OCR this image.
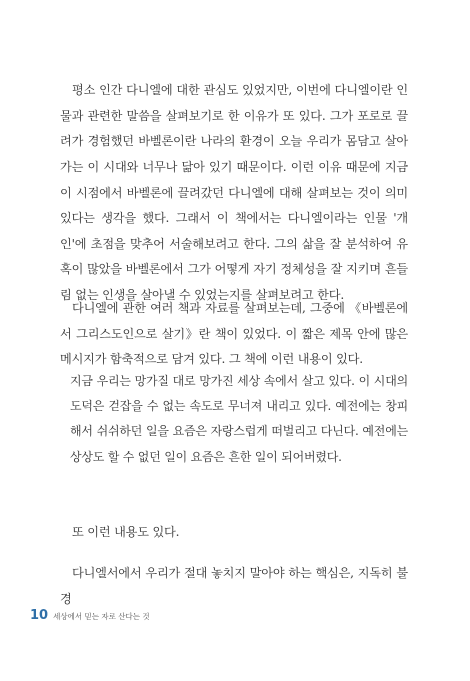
평소 인간 다니엘에 대한 관심도 있었지만, 이번에 다니엘이란 인물과 관련한 말씀을 살펴보기로 한 이유가 또 있다. 그가 포로로 끌려가 경험했던 바벨론이란 나라의 환경이 오늘 우리가 몸담고 살아가는 이 시대와 너무나 닮아 있기 때문이다. 이런 이유 때문에 지금 이 시점에서 바벨론에 끌려갔던 다니엘에 대해 살펴보는 것이 의미 있다는 생각을 했다. 그래서 이 책에서는 다니엘이라는 인물 '개인'에 초점을 맞추어 서술해보려고 한다. 그의 삶을 잘 분석하여 유혹이 많았을 바벨론에서 그가 어떻게 자기 정체성을 잘 지키며 흔들림 없는 인생을 살아낼 수 있었는지를 살펴보려고 한다.

다니엘에 관한 여러 책과 자료를 살펴보는데, 그중에 《바벨론에서 그리스도인으로 살기》란 책이 있었다. 이 짧은 제목 안에 많은 메시지가 함축적으로 담겨 있다. 그 책에 이런 내용이 있다.

지금 우리는 망가질 대로 망가진 세상 속에서 살고 있다. 이 시대의 도덕은 걷잡을 수 없는 속도로 무너져 내리고 있다. 예전에는 창피해서 쉬쉬하던 일을 요즘은 자랑스럽게 떠벌리고 다닌다. 예전에는 상상도 할 수 없던 일이 요즘은 흔한 일이 되어버렸다.

또 이런 내용도 있다.

다니엘서에서 우리가 절대 놓치지 말아야 하는 핵심은, 지독히 불경

10 세상에서 믿는 자로 산다는 것
